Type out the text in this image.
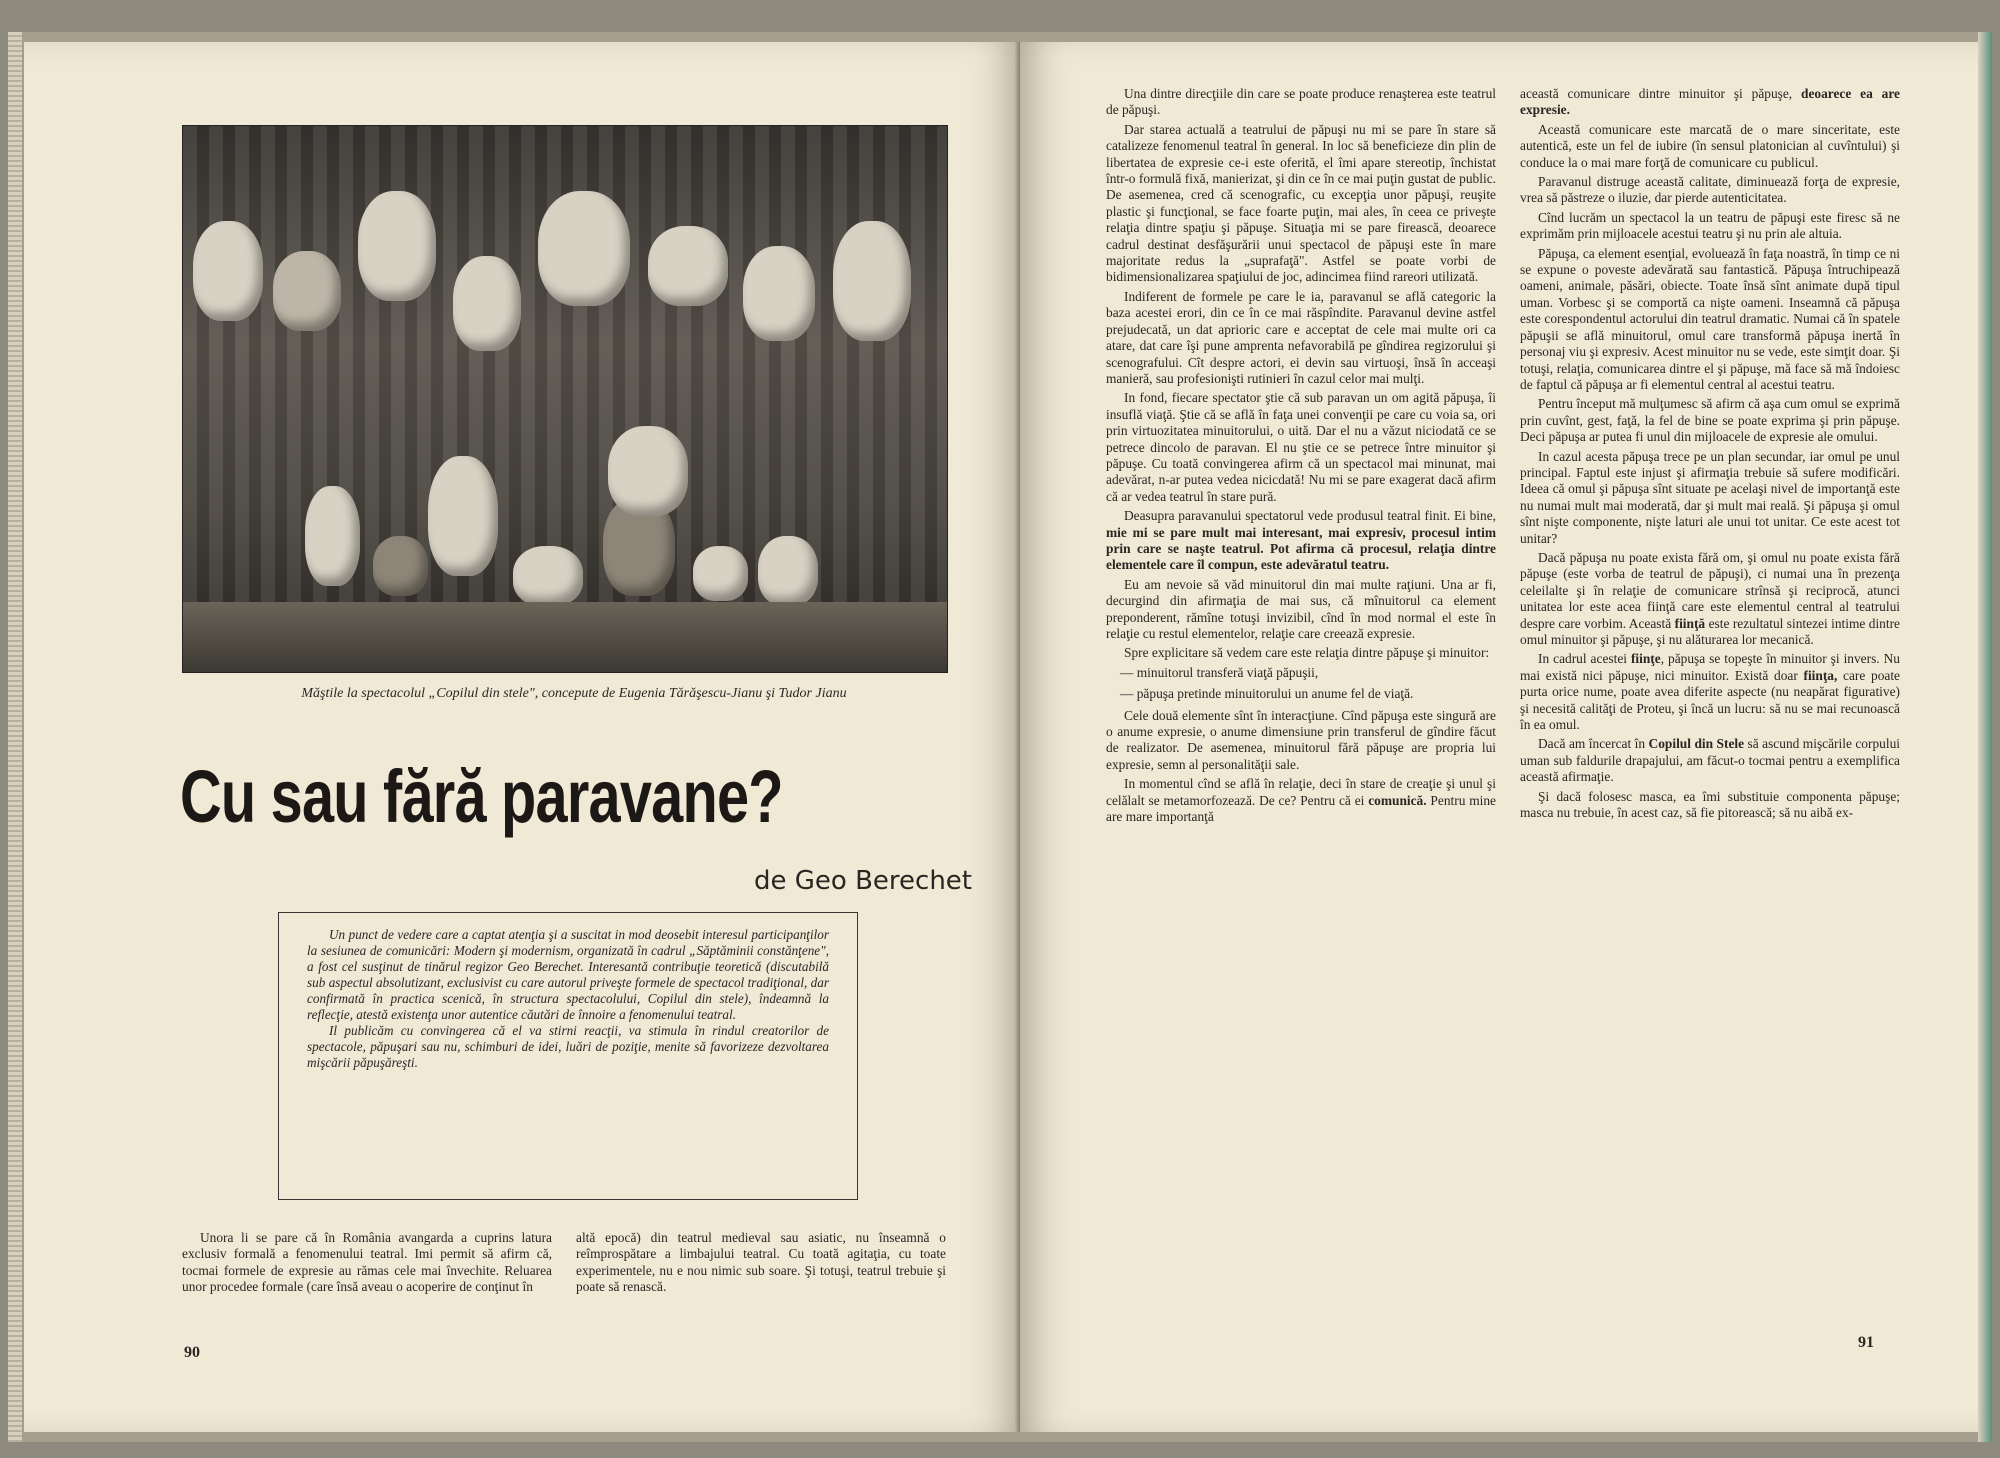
Măştile la spectacolul „Copilul din stele", concepute de Eugenia Tărăşescu-Jianu şi Tudor Jianu
Cu sau fără paravane?
de Geo Berechet

Un punct de vedere care a captat atenţia şi a suscitat in mod deosebit interesul participanţilor la sesiunea de comunicări: Modern şi modernism, organizată în cadrul „Săptăminii constănţene", a fost cel susţinut de tinărul regizor Geo Berechet. Interesantă contribuţie teoretică (discutabilă sub aspectul absolutizant, exclusivist cu care autorul priveşte formele de spectacol tradiţional, dar confirmată în practica scenică, în structura spectacolului, Copilul din stele), îndeamnă la reflecţie, atestă existenţa unor autentice căutări de înnoire a fenomenului teatral.

Il publicăm cu convingerea că el va stirni reacţii, va stimula în rindul creatorilor de spectacole, păpuşari sau nu, schimburi de idei, luări de poziţie, menite să favorizeze dezvoltarea mişcării păpuşăreşti.

Unora li se pare că în România avangarda a cuprins latura exclusiv formală a fenomenului teatral. Imi permit să afirm că, tocmai formele de expresie au rămas cele mai învechite. Reluarea unor procedee formale (care însă aveau o acoperire de conţinut în

altă epocă) din teatrul medieval sau asiatic, nu înseamnă o reîmprospătare a limbajului teatral. Cu toată agitaţia, cu toate experimentele, nu e nou nimic sub soare. Şi totuşi, teatrul trebuie şi poate să renască.

90

Una dintre direcţiile din care se poate produce renaşterea este teatrul de păpuşi.

Dar starea actuală a teatrului de păpuşi nu mi se pare în stare să catalizeze fenomenul teatral în general. In loc să beneficieze din plin de libertatea de expresie ce-i este oferită, el îmi apare stereotip, închistat într-o formulă fixă, manierizat, şi din ce în ce mai puţin gustat de public. De asemenea, cred că scenografic, cu excepţia unor păpuşi, reuşite plastic şi funcţional, se face foarte puţin, mai ales, în ceea ce priveşte relaţia dintre spaţiu şi păpuşe. Situaţia mi se pare firească, deoarece cadrul destinat desfăşurării unui spectacol de păpuşi este în mare majoritate redus la „suprafaţă". Astfel se poate vorbi de bidimensionalizarea spaţiului de joc, adincimea fiind rareori utilizată.

Indiferent de formele pe care le ia, paravanul se află categoric la baza acestei erori, din ce în ce mai răspîndite. Paravanul devine astfel prejudecată, un dat aprioric care e acceptat de cele mai multe ori ca atare, dat care îşi pune amprenta nefavorabilă pe gîndirea regizorului şi scenografului. Cît despre actori, ei devin sau virtuoşi, însă în acceaşi manieră, sau profesionişti rutinieri în cazul celor mai mulţi.

In fond, fiecare spectator ştie că sub paravan un om agită păpuşa, îi insuflă viaţă. Ştie că se află în faţa unei convenţii pe care cu voia sa, ori prin virtuozitatea minuitorului, o uită. Dar el nu a văzut niciodată ce se petrece dincolo de paravan. El nu ştie ce se petrece între minuitor şi păpuşe. Cu toată convingerea afirm că un spectacol mai minunat, mai adevărat, n-ar putea vedea nicicdată! Nu mi se pare exagerat dacă afirm că ar vedea teatrul în stare pură.

Deasupra paravanului spectatorul vede produsul teatral finit. Ei bine, mie mi se pare mult mai interesant, mai expresiv, procesul intim prin care se naşte teatrul. Pot afirma că procesul, relaţia dintre elementele care îl compun, este adevăratul teatru.

Eu am nevoie să văd minuitorul din mai multe raţiuni. Una ar fi, decurgind din afirmaţia de mai sus, că mînuitorul ca element preponderent, rămîne totuşi invizibil, cînd în mod normal el este în relaţie cu restul elementelor, relaţie care creează expresie.

Spre explicitare să vedem care este relaţia dintre păpuşe şi minuitor:

— minuitorul transferă viaţă păpuşii,
— păpuşa pretinde minuitorului un anume fel de viaţă.

Cele două elemente sînt în interacţiune. Cînd păpuşa este singură are o anume expresie, o anume dimensiune prin transferul de gîndire făcut de realizator. De asemenea, minuitorul fără păpuşe are propria lui expresie, semn al personalităţii sale.

In momentul cînd se află în relaţie, deci în stare de creaţie şi unul şi celălalt se metamorfozează. De ce? Pentru că ei comunică. Pentru mine are mare importanţă

această comunicare dintre minuitor şi păpuşe, deoarece ea are expresie.

Această comunicare este marcată de o mare sinceritate, este autentică, este un fel de iubire (în sensul platonician al cuvîntului) şi conduce la o mai mare forţă de comunicare cu publicul.

Paravanul distruge această calitate, diminuează forţa de expresie, vrea să păstreze o iluzie, dar pierde autenticitatea.

Cînd lucrăm un spectacol la un teatru de păpuşi este firesc să ne exprimăm prin mijloacele acestui teatru şi nu prin ale altuia.

Păpuşa, ca element esenţial, evoluează în faţa noastră, în timp ce ni se expune o poveste adevărată sau fantastică. Păpuşa întruchipează oameni, animale, păsări, obiecte. Toate însă sînt animate după tipul uman. Vorbesc şi se comportă ca nişte oameni. Inseamnă că păpuşa este corespondentul actorului din teatrul dramatic. Numai că în spatele păpuşii se află minuitorul, omul care transformă păpuşa inertă în personaj viu şi expresiv. Acest minuitor nu se vede, este simţit doar. Şi totuşi, relaţia, comunicarea dintre el şi păpuşe, mă face să mă îndoiesc de faptul că păpuşa ar fi elementul central al acestui teatru.

Pentru început mă mulţumesc să afirm că aşa cum omul se exprimă prin cuvînt, gest, faţă, la fel de bine se poate exprima şi prin păpuşe. Deci păpuşa ar putea fi unul din mijloacele de expresie ale omului.

In cazul acesta păpuşa trece pe un plan secundar, iar omul pe unul principal. Faptul este injust şi afirmaţia trebuie să sufere modificări. Ideea că omul şi păpuşa sînt situate pe acelaşi nivel de importanţă este nu numai mult mai moderată, dar şi mult mai reală. Şi păpuşa şi omul sînt nişte componente, nişte laturi ale unui tot unitar. Ce este acest tot unitar?

Dacă păpuşa nu poate exista fără om, şi omul nu poate exista fără păpuşe (este vorba de teatrul de păpuşi), ci numai una în prezenţa celeilalte şi în relaţie de comunicare strînsă şi reciprocă, atunci unitatea lor este acea fiinţă care este elementul central al teatrului despre care vorbim. Această fiinţă este rezultatul sintezei intime dintre omul minuitor şi păpuşe, şi nu alăturarea lor mecanică.

In cadrul acestei fiinţe, păpuşa se topeşte în minuitor şi invers. Nu mai există nici păpuşe, nici minuitor. Există doar fiinţa, care poate purta orice nume, poate avea diferite aspecte (nu neapărat figurative) şi necesită calităţi de Proteu, şi încă un lucru: să nu se mai recunoască în ea omul.

Dacă am încercat în Copilul din Stele să ascund mişcările corpului uman sub faldurile drapajului, am făcut-o tocmai pentru a exemplifica această afirmaţie.

Şi dacă folosesc masca, ea îmi substituie componenta păpuşe; masca nu trebuie, în acest caz, să fie pitorească; să nu aibă ex-

91
